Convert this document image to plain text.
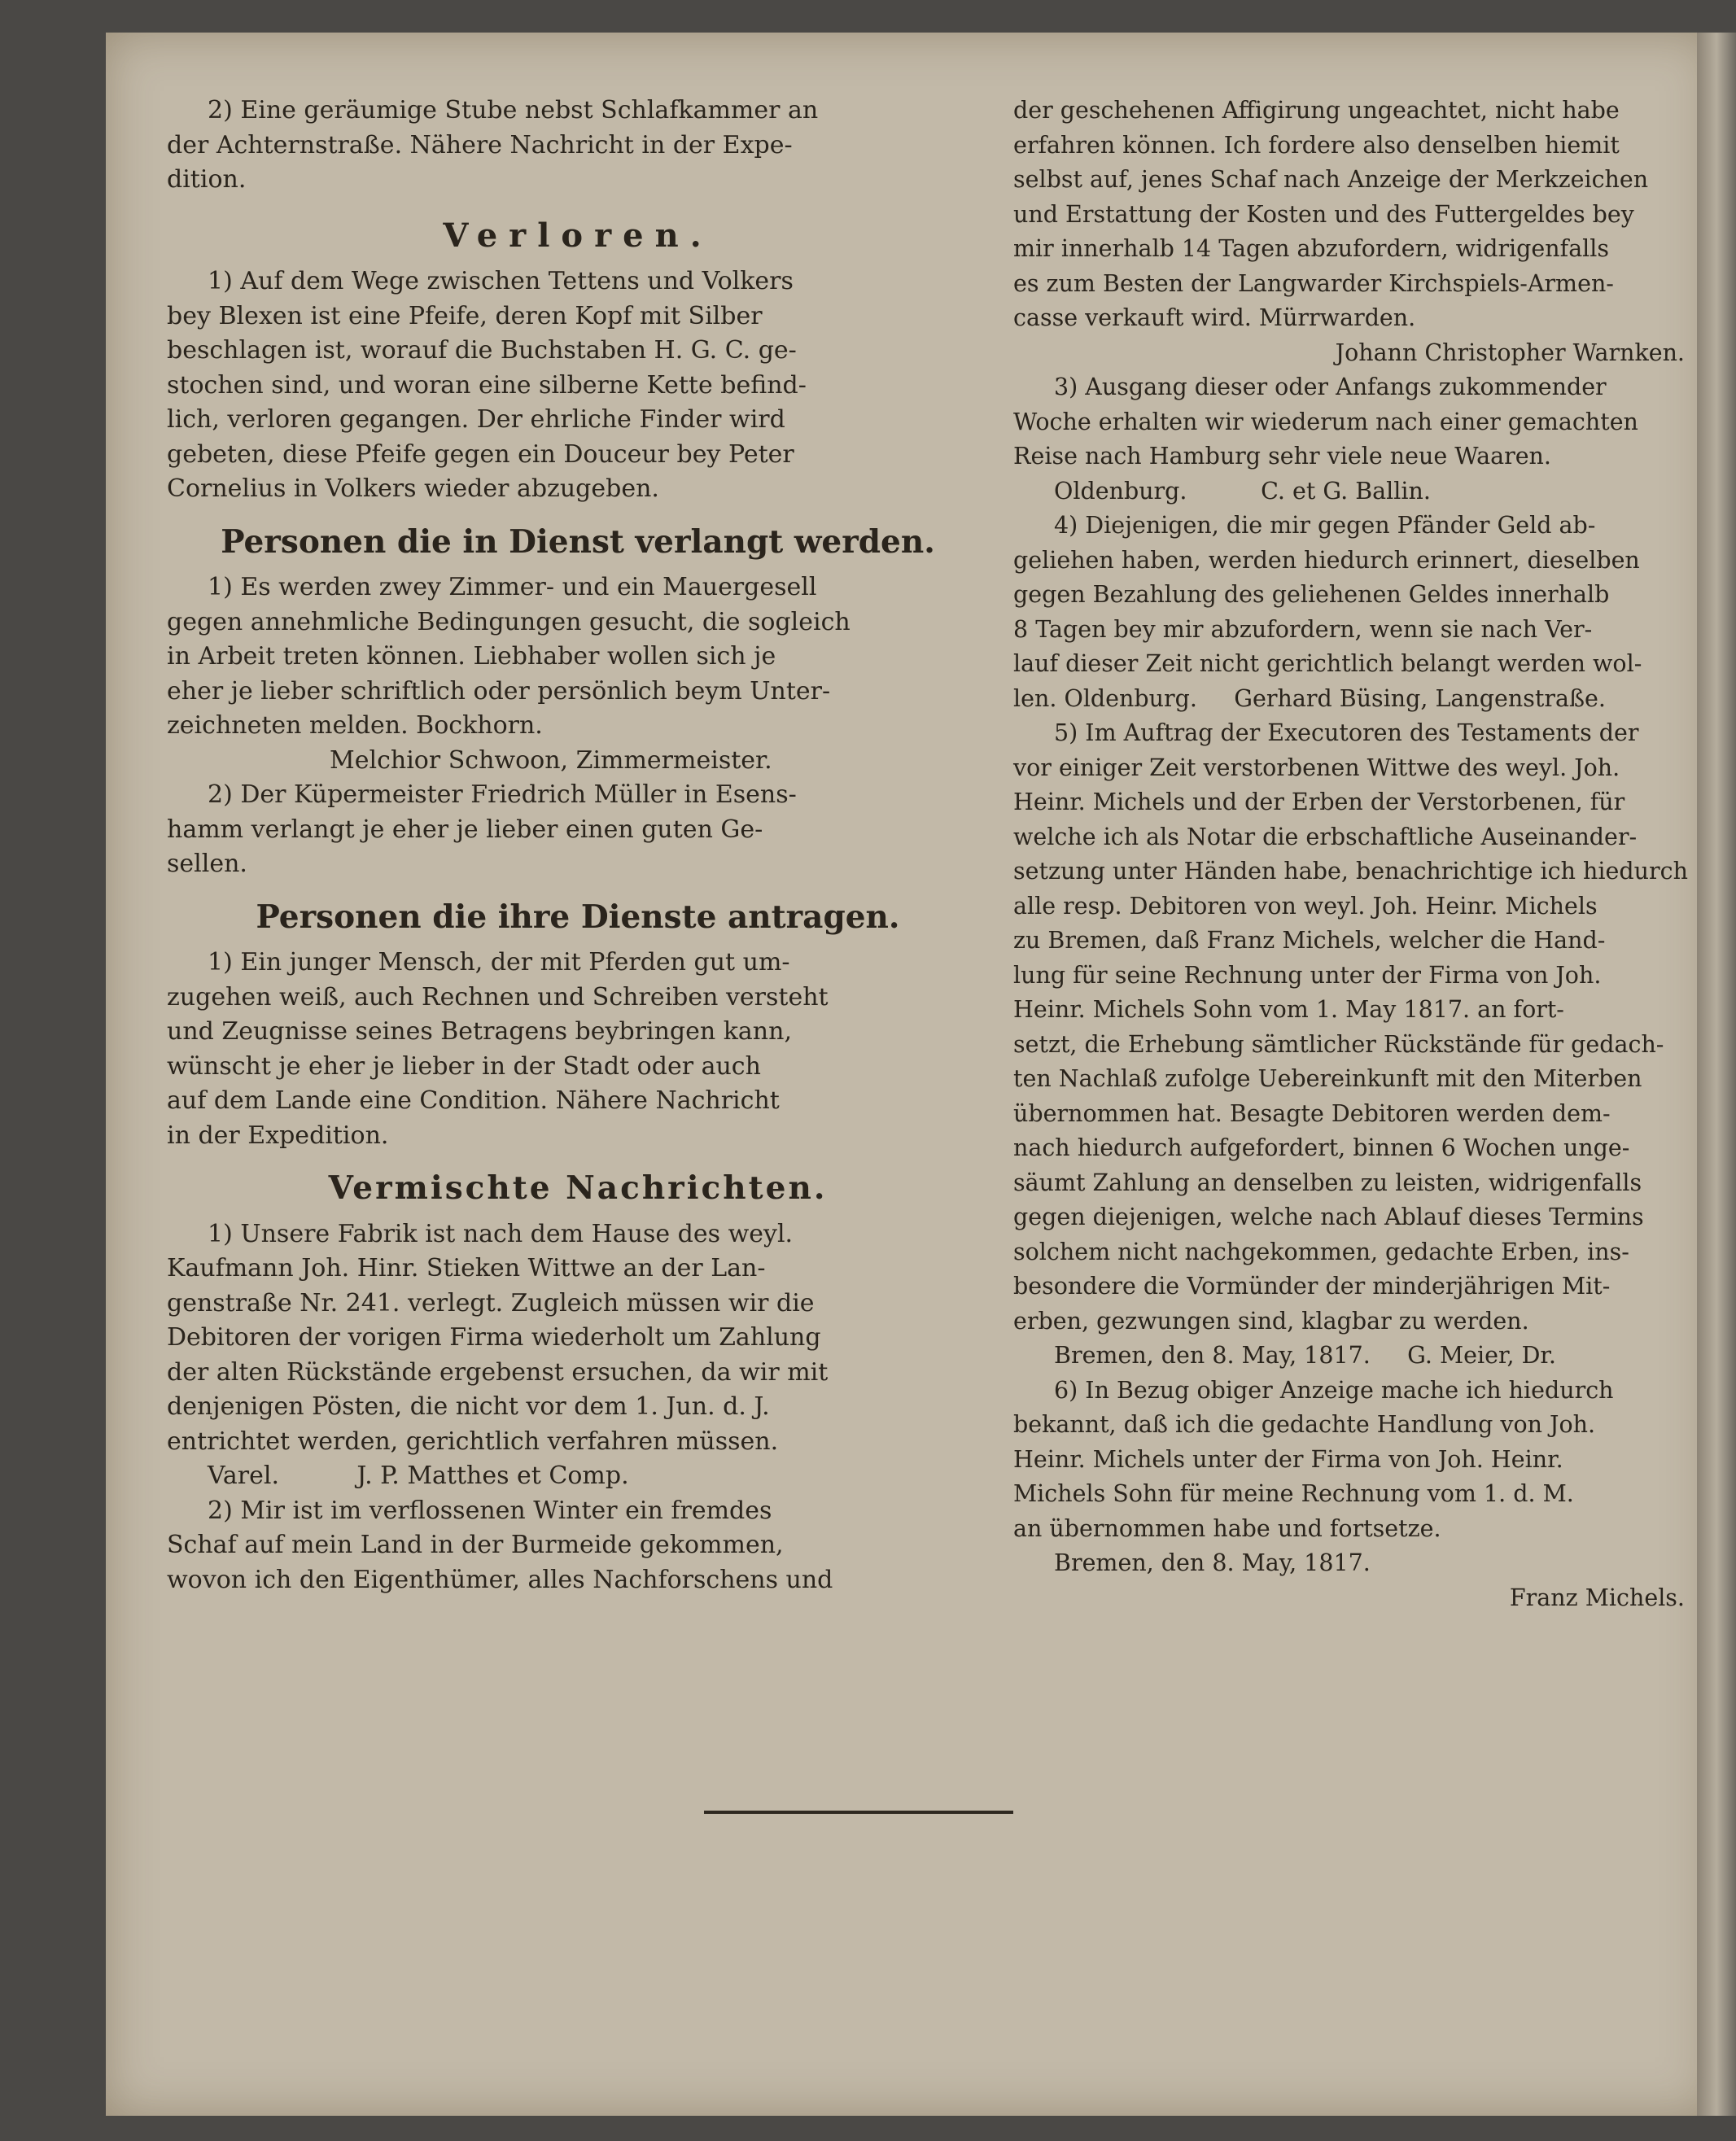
2) Eine geräumige Stube nebst Schlafkammer an

der Achternstraße. Nähere Nachricht in der Expe-

dition.

Verloren.

1) Auf dem Wege zwischen Tettens und Volkers

bey Blexen ist eine Pfeife, deren Kopf mit Silber

beschlagen ist, worauf die Buchstaben H. G. C. ge-

stochen sind, und woran eine silberne Kette befind-

lich, verloren gegangen. Der ehrliche Finder wird

gebeten, diese Pfeife gegen ein Douceur bey Peter

Cornelius in Volkers wieder abzugeben.

Personen die in Dienst verlangt werden.

1) Es werden zwey Zimmer- und ein Mauergesell

gegen annehmliche Bedingungen gesucht, die sogleich

in Arbeit treten können. Liebhaber wollen sich je

eher je lieber schriftlich oder persönlich beym Unter-

zeichneten melden. Bockhorn.

Melchior Schwoon, Zimmermeister.

2) Der Küpermeister Friedrich Müller in Esens-

hamm verlangt je eher je lieber einen guten Ge-

sellen.

Personen die ihre Dienste antragen.

1) Ein junger Mensch, der mit Pferden gut um-

zugehen weiß, auch Rechnen und Schreiben versteht

und Zeugnisse seines Betragens beybringen kann,

wünscht je eher je lieber in der Stadt oder auch

auf dem Lande eine Condition. Nähere Nachricht

in der Expedition.

Vermischte Nachrichten.

1) Unsere Fabrik ist nach dem Hause des weyl.

Kaufmann Joh. Hinr. Stieken Wittwe an der Lan-

genstraße Nr. 241. verlegt. Zugleich müssen wir die

Debitoren der vorigen Firma wiederholt um Zahlung

der alten Rückstände ergebenst ersuchen, da wir mit

denjenigen Pösten, die nicht vor dem 1. Jun. d. J.

entrichtet werden, gerichtlich verfahren müssen.

Varel.          J. P. Matthes et Comp.

2) Mir ist im verflossenen Winter ein fremdes

Schaf auf mein Land in der Burmeide gekommen,

wovon ich den Eigenthümer, alles Nachforschens und

der geschehenen Affigirung ungeachtet, nicht habe

erfahren können. Ich fordere also denselben hiemit

selbst auf, jenes Schaf nach Anzeige der Merkzeichen

und Erstattung der Kosten und des Futtergeldes bey

mir innerhalb 14 Tagen abzufordern, widrigenfalls

es zum Besten der Langwarder Kirchspiels-Armen-

casse verkauft wird. Mürrwarden.

Johann Christopher Warnken.

3) Ausgang dieser oder Anfangs zukommender

Woche erhalten wir wiederum nach einer gemachten

Reise nach Hamburg sehr viele neue Waaren.

Oldenburg.          C. et G. Ballin.

4) Diejenigen, die mir gegen Pfänder Geld ab-

geliehen haben, werden hiedurch erinnert, dieselben

gegen Bezahlung des geliehenen Geldes innerhalb

8 Tagen bey mir abzufordern, wenn sie nach Ver-

lauf dieser Zeit nicht gerichtlich belangt werden wol-

len. Oldenburg.     Gerhard Büsing, Langenstraße.

5) Im Auftrag der Executoren des Testaments der

vor einiger Zeit verstorbenen Wittwe des weyl. Joh.

Heinr. Michels und der Erben der Verstorbenen, für

welche ich als Notar die erbschaftliche Auseinander-

setzung unter Händen habe, benachrichtige ich hiedurch

alle resp. Debitoren von weyl. Joh. Heinr. Michels

zu Bremen, daß Franz Michels, welcher die Hand-

lung für seine Rechnung unter der Firma von Joh.

Heinr. Michels Sohn vom 1. May 1817. an fort-

setzt, die Erhebung sämtlicher Rückstände für gedach-

ten Nachlaß zufolge Uebereinkunft mit den Miterben

übernommen hat. Besagte Debitoren werden dem-

nach hiedurch aufgefordert, binnen 6 Wochen unge-

säumt Zahlung an denselben zu leisten, widrigenfalls

gegen diejenigen, welche nach Ablauf dieses Termins

solchem nicht nachgekommen, gedachte Erben, ins-

besondere die Vormünder der minderjährigen Mit-

erben, gezwungen sind, klagbar zu werden.

Bremen, den 8. May, 1817.     G. Meier, Dr.

6) In Bezug obiger Anzeige mache ich hiedurch

bekannt, daß ich die gedachte Handlung von Joh.

Heinr. Michels unter der Firma von Joh. Heinr.

Michels Sohn für meine Rechnung vom 1. d. M.

an übernommen habe und fortsetze.

Bremen, den 8. May, 1817.

Franz Michels.
